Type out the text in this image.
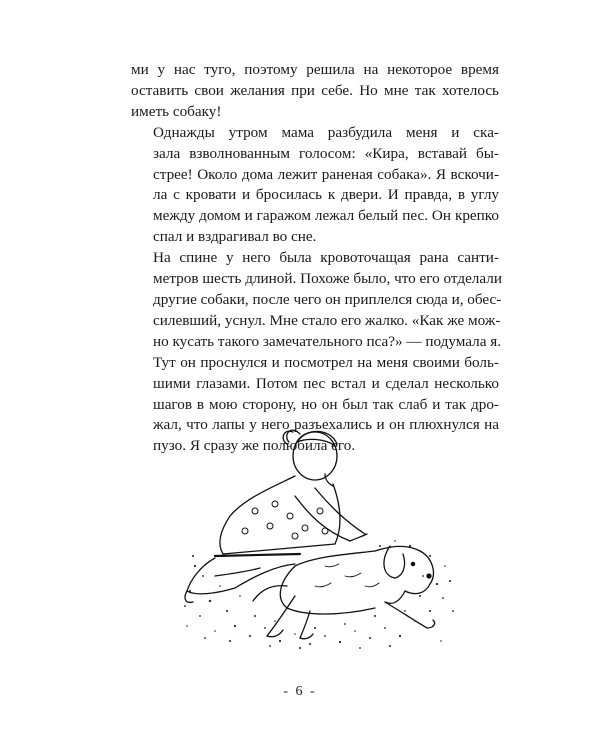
ми у нас туго, поэтому решила на некоторое время
оставить свои желания при себе. Но мне так хотелось
иметь собаку!

Однажды утром мама разбудила меня и ска-
зала взволнованным голосом: «Кира, вставай бы-
стрее! Около дома лежит раненая собака». Я вскочи-
ла с кровати и бросилась к двери. И правда, в углу
между домом и гаражом лежал белый пес. Он крепко
спал и вздрагивал во сне.

На спине у него была кровоточащая рана санти-
метров шесть длиной. Похоже было, что его отделали
другие собаки, после чего он приплелся сюда и, обес-
силевший, уснул. Мне стало его жалко. «Как же мож-
но кусать такого замечательного пса?» — подумала я.
Тут он проснулся и посмотрел на меня своими боль-
шими глазами. Потом пес встал и сделал несколько
шагов в мою сторону, но он был так слаб и так дро-
жал, что лапы у него разъехались и он плюхнулся на
пузо. Я сразу же полюбила его.

- 6 -
